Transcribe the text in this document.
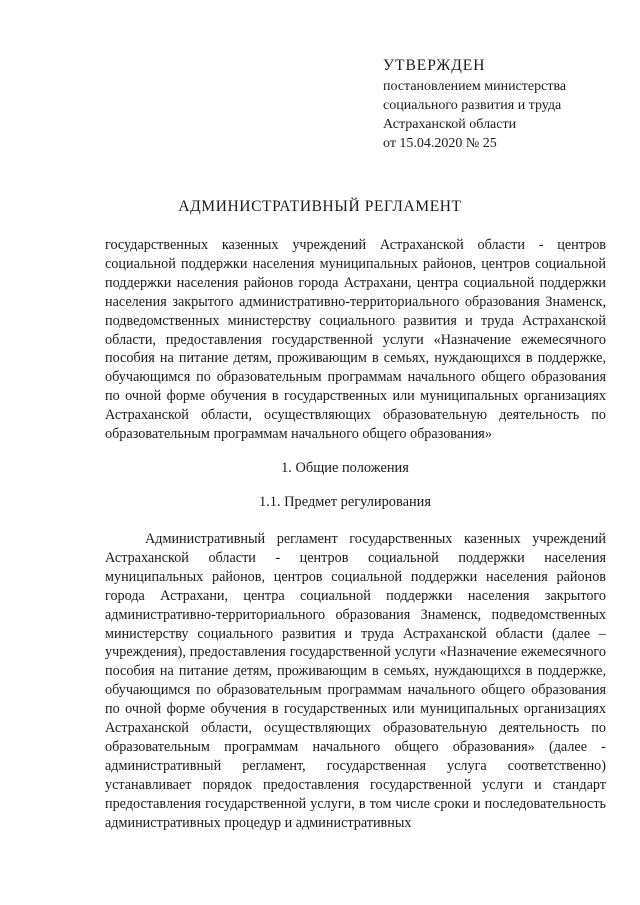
УТВЕРЖДЕН
постановлением министерства
социального развития и труда
Астраханской области
от 15.04.2020 № 25
АДМИНИСТРАТИВНЫЙ РЕГЛАМЕНТ

государственных казенных учреждений Астраханской области - центров социальной поддержки населения муниципальных районов, центров социальной поддержки населения районов города Астрахани, центра социальной поддержки населения закрытого административно-территориального образования Знаменск, подведомственных министерству социального развития и труда Астраханской области, предоставления государственной услуги «Назначение ежемесячного пособия на питание детям, проживающим в семьях, нуждающихся в поддержке, обучающимся по образовательным программам начального общего образования по очной форме обучения в государственных или муниципальных организациях Астраханской области, осуществляющих образовательную деятельность по образовательным программам начального общего образования»

1. Общие положения
1.1. Предмет регулирования

Административный регламент государственных казенных учреждений Астраханской области - центров социальной поддержки населения муниципальных районов, центров социальной поддержки населения районов города Астрахани, центра социальной поддержки населения закрытого административно-территориального образования Знаменск, подведомственных министерству социального развития и труда Астраханской области (далее – учреждения), предоставления государственной услуги «Назначение ежемесячного пособия на питание детям, проживающим в семьях, нуждающихся в поддержке, обучающимся по образовательным программам начального общего образования по очной форме обучения в государственных или муниципальных организациях Астраханской области, осуществляющих образовательную деятельность по образовательным программам начального общего образования» (далее - административный регламент, государственная услуга соответственно) устанавливает порядок предоставления государственной услуги и стандарт предоставления государственной услуги, в том числе сроки и последовательность административных процедур и административных
